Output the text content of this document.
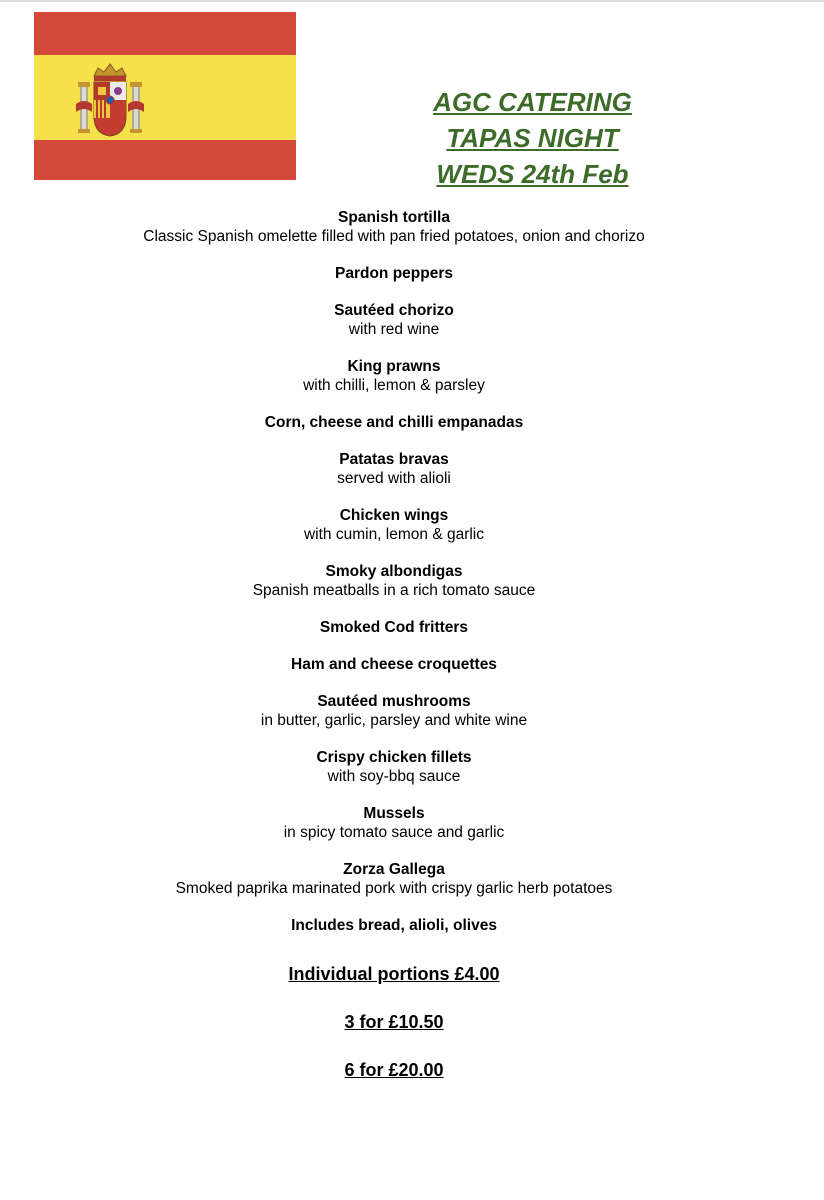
AGC CATERING
TAPAS NIGHT
WEDS 24th Feb
Spanish tortilla
Classic Spanish omelette filled with pan fried potatoes, onion and chorizo
Pardon peppers
Sautéed chorizo
with red wine
King prawns
with chilli, lemon & parsley
Corn, cheese and chilli empanadas
Patatas bravas
served with alioli
Chicken wings
with cumin, lemon & garlic
Smoky albondigas
Spanish meatballs in a rich tomato sauce
Smoked Cod fritters
Ham and cheese croquettes
Sautéed mushrooms
in butter, garlic, parsley and white wine
Crispy chicken fillets
with soy-bbq sauce
Mussels
in spicy tomato sauce and garlic
Zorza Gallega
Smoked paprika marinated pork with crispy garlic herb potatoes
Includes bread, alioli, olives
Individual portions £4.00
3 for £10.50
6 for £20.00
